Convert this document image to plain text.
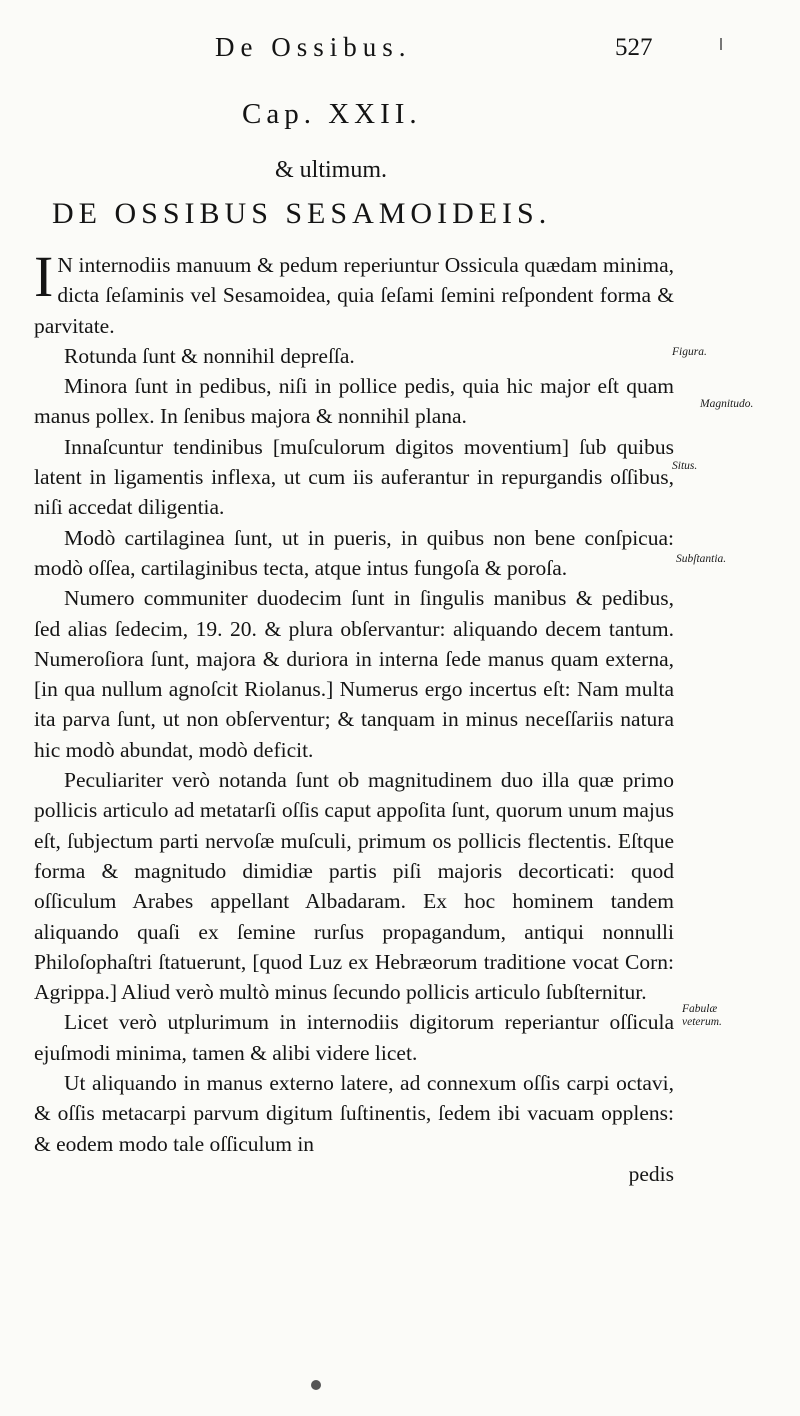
De Ossibus.	527
Cap. XXII.
& ultimum.
DE OSSIBUS SESAMOIDEIS.

I N internodiis manuum & pedum reperiuntur Ossicula quædam minima, dicta ſeſaminis vel Sesamoidea, quia ſeſami ſemini reſpondent forma & parvitate.

Rotunda ſunt & nonnihil depreſſa.

Minora ſunt in pedibus, niſi in pollice pedis, quia hic major eſt quam manus pollex. In ſenibus majora & nonnihil plana.

Innaſcuntur tendinibus [muſculorum digitos moventium] ſub quibus latent in ligamentis inflexa, ut cum iis auferantur in repurgandis oſſibus, niſi accedat diligentia.

Modò cartilaginea ſunt, ut in pueris, in quibus non bene conſpicua: modò oſſea, cartilaginibus tecta, atque intus fungoſa & poroſa.

Numero communiter duodecim ſunt in ſingulis manibus & pedibus, ſed alias ſedecim, 19. 20. & plura obſervantur: aliquando decem tantum. Numeroſiora ſunt, majora & duriora in interna ſede manus quam externa, [in qua nullum agnoſcit Riolanus.] Numerus ergo incertus eſt: Nam multa ita parva ſunt, ut non obſerventur; & tanquam in minus neceſſariis natura hic modò abundat, modò deficit.

Peculiariter verò notanda ſunt ob magnitudinem duo illa quæ primo pollicis articulo ad metatarſi oſſis caput appoſita ſunt, quorum unum majus eſt, ſubjectum parti nervoſæ muſculi, primum os pollicis flectentis. Eſtque forma & magnitudo dimidiæ partis piſi majoris decorticati: quod oſſiculum Arabes appellant Albadaram. Ex hoc hominem tandem aliquando quaſi ex ſemine rurſus propagandum, antiqui nonnulli Philoſophaſtri ſtatuerunt, [quod Luz ex Hebræorum traditione vocat Corn: Agrippa.] Aliud verò multò minus ſecundo pollicis articulo ſubſternitur.

Licet verò utplurimum in internodiis digitorum reperiantur oſſicula ejuſmodi minima, tamen & alibi videre licet.

Ut aliquando in manus externo latere, ad connexum oſſis carpi octavi, & oſſis metacarpi parvum digitum ſuſtinentis, ſedem ibi vacuam opplens: & eodem modo tale oſſiculum in

pedis

Figura.
Magnitudo.
Situs.
Subſtantia.
Fabulæ veterum.
